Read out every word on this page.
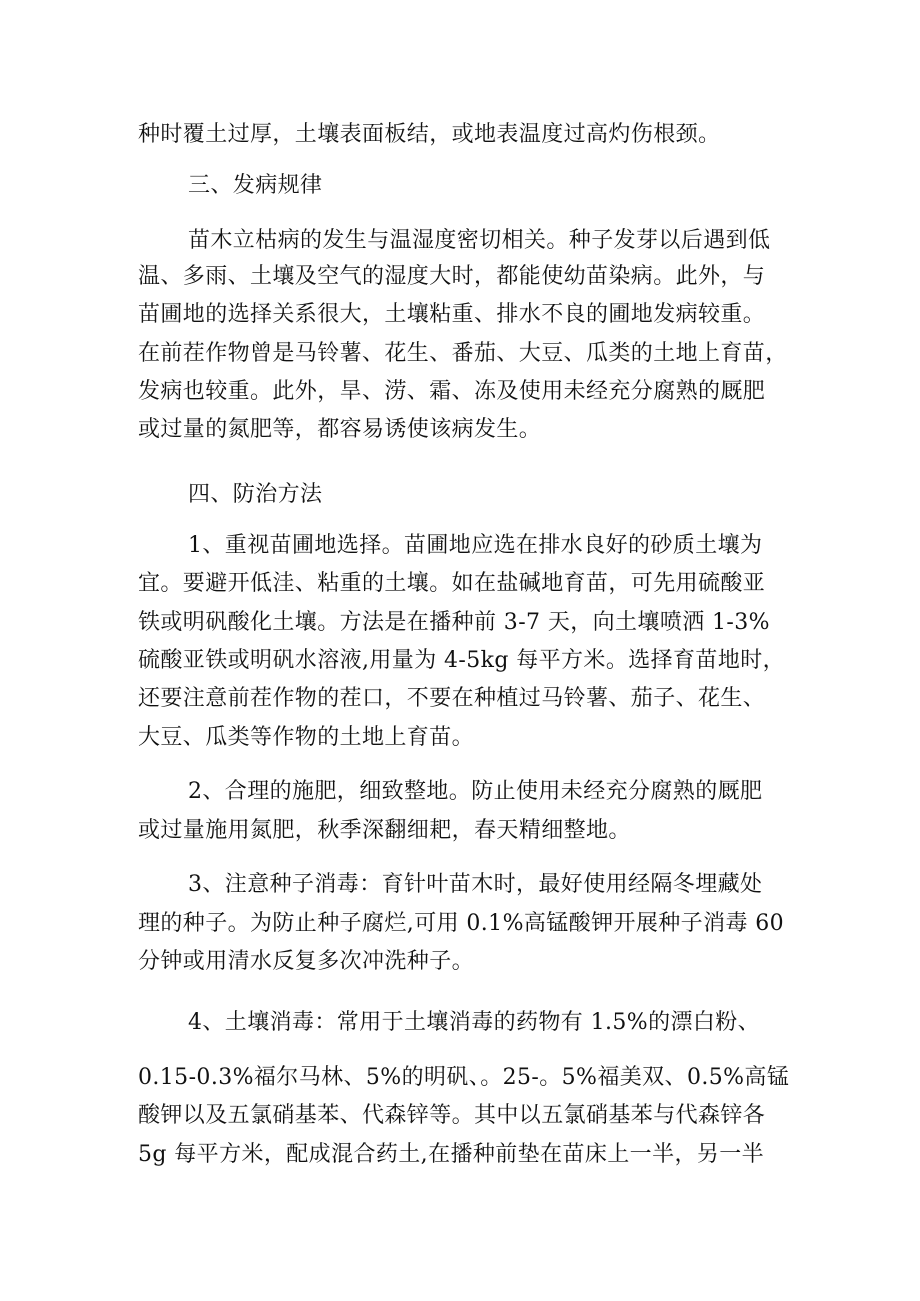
种时覆土过厚，土壤表面板结，或地表温度过高灼伤根颈。
三、发病规律
苗木立枯病的发生与温湿度密切相关。种子发芽以后遇到低
温、多雨、土壤及空气的湿度大时，都能使幼苗染病。此外，与
苗圃地的选择关系很大，土壤粘重、排水不良的圃地发病较重。
在前茬作物曾是马铃薯、花生、番茄、大豆、瓜类的土地上育苗，
发病也较重。此外，旱、涝、霜、冻及使用未经充分腐熟的厩肥
或过量的氮肥等，都容易诱使该病发生。
四、防治方法
1、重视苗圃地选择。苗圃地应选在排水良好的砂质土壤为
宜。要避开低洼、粘重的土壤。如在盐碱地育苗，可先用硫酸亚
铁或明矾酸化土壤。方法是在播种前 3-7 天，向土壤喷洒 1-3%
硫酸亚铁或明矾水溶液,用量为 4-5kg 每平方米。选择育苗地时，
还要注意前茬作物的茬口，不要在种植过马铃薯、茄子、花生、
大豆、瓜类等作物的土地上育苗。
2、合理的施肥，细致整地。防止使用未经充分腐熟的厩肥
或过量施用氮肥，秋季深翻细耙，春天精细整地。
3、注意种子消毒：育针叶苗木时，最好使用经隔冬埋藏处
理的种子。为防止种子腐烂,可用 0.1%高锰酸钾开展种子消毒 60
分钟或用清水反复多次冲洗种子。
4、土壤消毒：常用于土壤消毒的药物有 1.5%的漂白粉、
0.15-0.3%福尔马林、5%的明矾、。25-。5%福美双、0.5%高锰
酸钾以及五氯硝基苯、代森锌等。其中以五氯硝基苯与代森锌各
5g 每平方米，配成混合药土,在播种前垫在苗床上一半，另一半
